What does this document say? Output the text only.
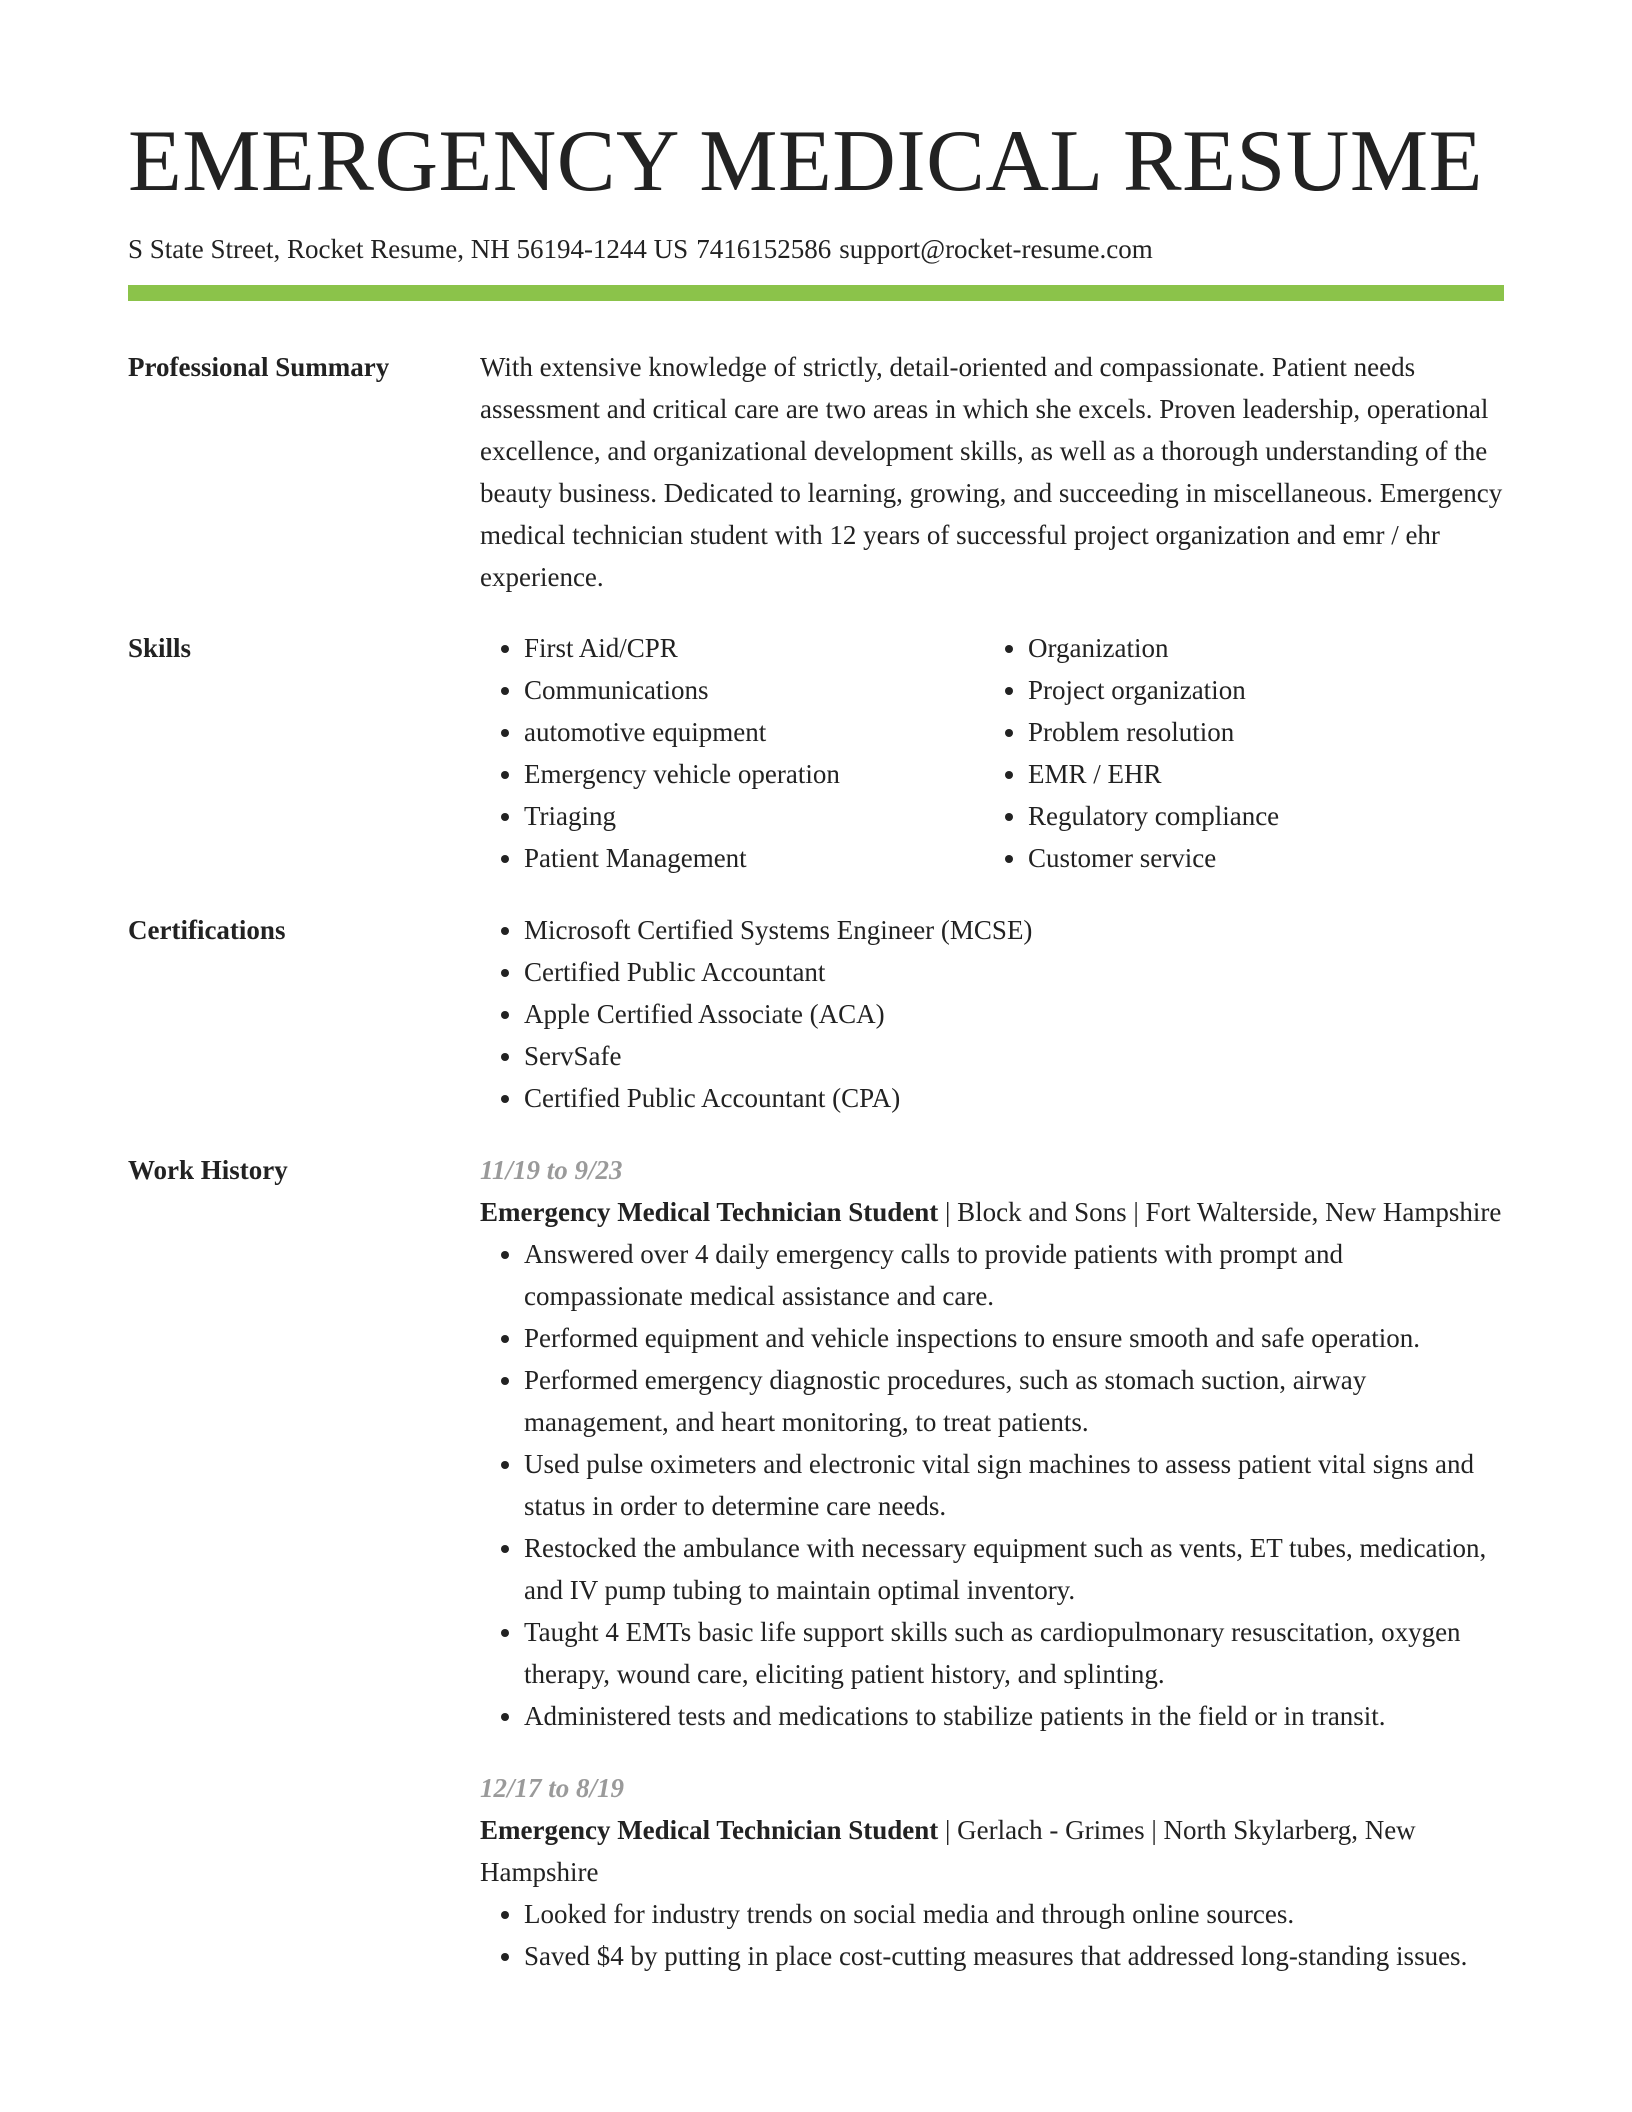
EMERGENCY MEDICAL RESUME
S State Street, Rocket Resume, NH 56194-1244 US 7416152586 support@rocket-resume.com
Professional Summary	With extensive knowledge of strictly, detail-oriented and compassionate. Patient needs assessment and critical care are two areas in which she excels. Proven leadership, operational excellence, and organizational development skills, as well as a thorough understanding of the beauty business. Dedicated to learning, growing, and succeeding in miscellaneous. Emergency medical technician student with 12 years of successful project organization and emr / ehr experience.

Skills	• First Aid/CPR
• Communications
• automotive equipment
• Emergency vehicle operation
• Triaging
• Patient Management
• Organization
• Project organization
• Problem resolution
• EMR / EHR
• Regulatory compliance
• Customer service
Certifications	• Microsoft Certified Systems Engineer (MCSE)
• Certified Public Accountant
• Apple Certified Associate (ACA)
• ServSafe
• Certified Public Accountant (CPA)
Work History	11/19 to 9/23
Emergency Medical Technician Student | Block and Sons | Fort Walterside, New Hampshire
• Answered over 4 daily emergency calls to provide patients with prompt and compassionate medical assistance and care.
• Performed equipment and vehicle inspections to ensure smooth and safe operation.
• Performed emergency diagnostic procedures, such as stomach suction, airway management, and heart monitoring, to treat patients.
• Used pulse oximeters and electronic vital sign machines to assess patient vital signs and status in order to determine care needs.
• Restocked the ambulance with necessary equipment such as vents, ET tubes, medication, and IV pump tubing to maintain optimal inventory.
• Taught 4 EMTs basic life support skills such as cardiopulmonary resuscitation, oxygen therapy, wound care, eliciting patient history, and splinting.
• Administered tests and medications to stabilize patients in the field or in transit.
12/17 to 8/19
Emergency Medical Technician Student | Gerlach - Grimes | North Skylarberg, New Hampshire
• Looked for industry trends on social media and through online sources.
• Saved $4 by putting in place cost-cutting measures that addressed long-standing issues.
